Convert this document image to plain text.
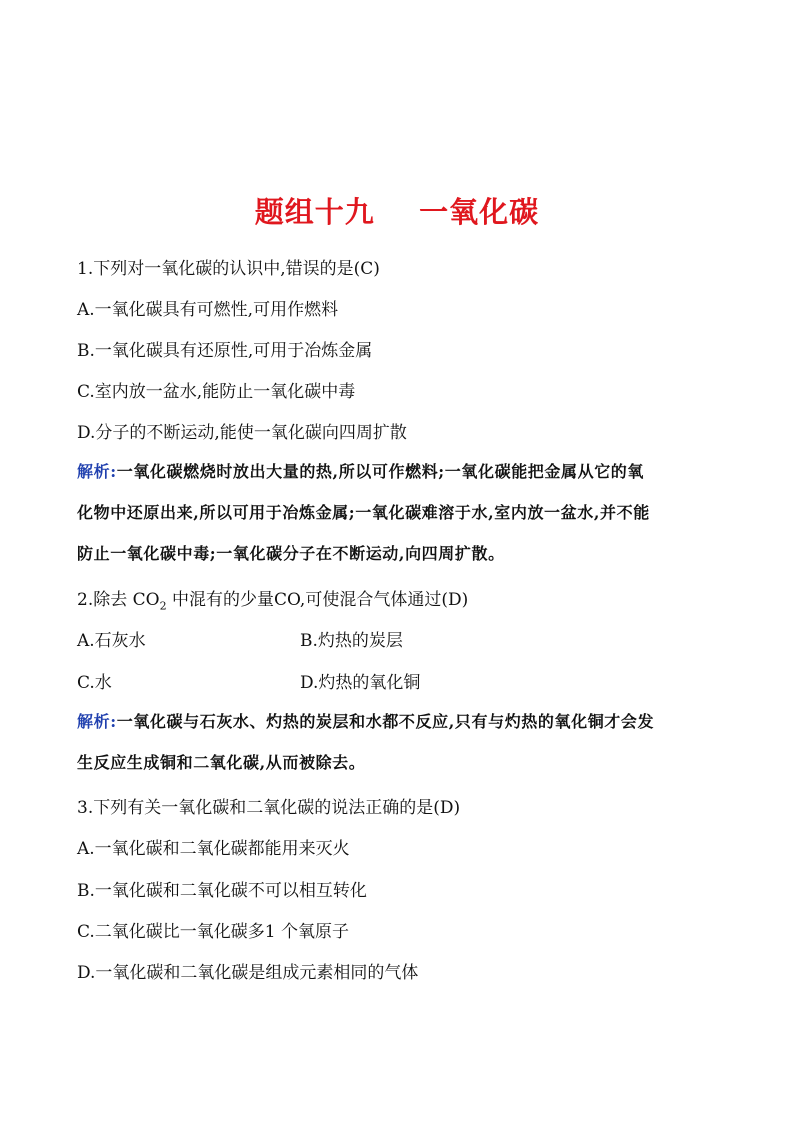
题组十九    一氧化碳
1.下列对一氧化碳的认识中,错误的是(C)
A.一氧化碳具有可燃性,可用作燃料
B.一氧化碳具有还原性,可用于冶炼金属
C.室内放一盆水,能防止一氧化碳中毒
D.分子的不断运动,能使一氧化碳向四周扩散
解析:一氧化碳燃烧时放出大量的热,所以可作燃料;一氧化碳能把金属从它的氧
化物中还原出来,所以可用于冶炼金属;一氧化碳难溶于水,室内放一盆水,并不能
防止一氧化碳中毒;一氧化碳分子在不断运动,向四周扩散。
2.除去 $CO_2$ 中混有的少量CO,可使混合气体通过(D)
A.石灰水	B.灼热的炭层
C.水	D.灼热的氧化铜
解析:一氧化碳与石灰水、灼热的炭层和水都不反应,只有与灼热的氧化铜才会发
生反应生成铜和二氧化碳,从而被除去。
3.下列有关一氧化碳和二氧化碳的说法正确的是(D)
A.一氧化碳和二氧化碳都能用来灭火
B.一氧化碳和二氧化碳不可以相互转化
C.二氧化碳比一氧化碳多1 个氧原子
D.一氧化碳和二氧化碳是组成元素相同的气体
